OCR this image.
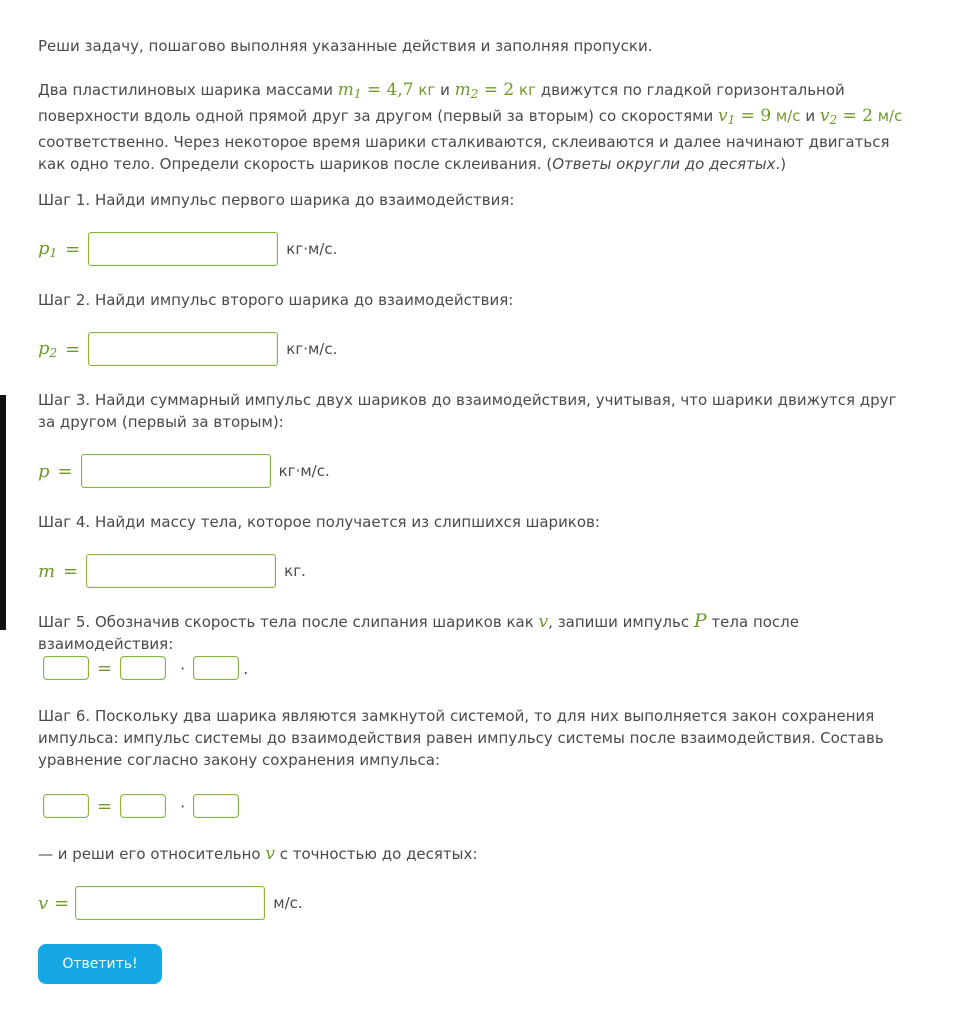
Реши задачу, пошагово выполняя указанные действия и заполняя пропуски.

Два пластилиновых шарика массами $m_1 = 4,7$ кг и $m_2 = 2$ кг движутся по гладкой горизонтальной поверхности вдоль одной прямой друг за другом (первый за вторым) со скоростями $v_1 = 9$ м/с и $v_2 = 2$ м/с соответственно. Через некоторое время шарики сталкиваются, склеиваются и далее начинают двигаться как одно тело. Определи скорость шариков после склеивания. (Ответы округли до десятых.)

Шаг 1. Найди импульс первого шарика до взаимодействия:

Шаг 2. Найди импульс второго шарика до взаимодействия:

Шаг 3. Найди суммарный импульс двух шариков до взаимодействия, учитывая, что шарики движутся друг за другом (первый за вторым):

Шаг 4. Найди массу тела, которое получается из слипшихся шариков:

Шаг 5. Обозначив скорость тела после слипания шариков как v, запиши импульс P тела после взаимодействия:

Шаг 6. Поскольку два шарика являются замкнутой системой, то для них выполняется закон сохранения импульса: импульс системы до взаимодействия равен импульсу системы после взаимодействия. Составь уравнение согласно закону сохранения импульса:

— и реши его относительно v с точностью до десятых:

$p_1$ =	кг·м/с.
$p_2$ =	кг·м/с.
p =	кг·м/с.
m =	кг.
=	·	.
=	·
v =	м/с.
Ответить!
